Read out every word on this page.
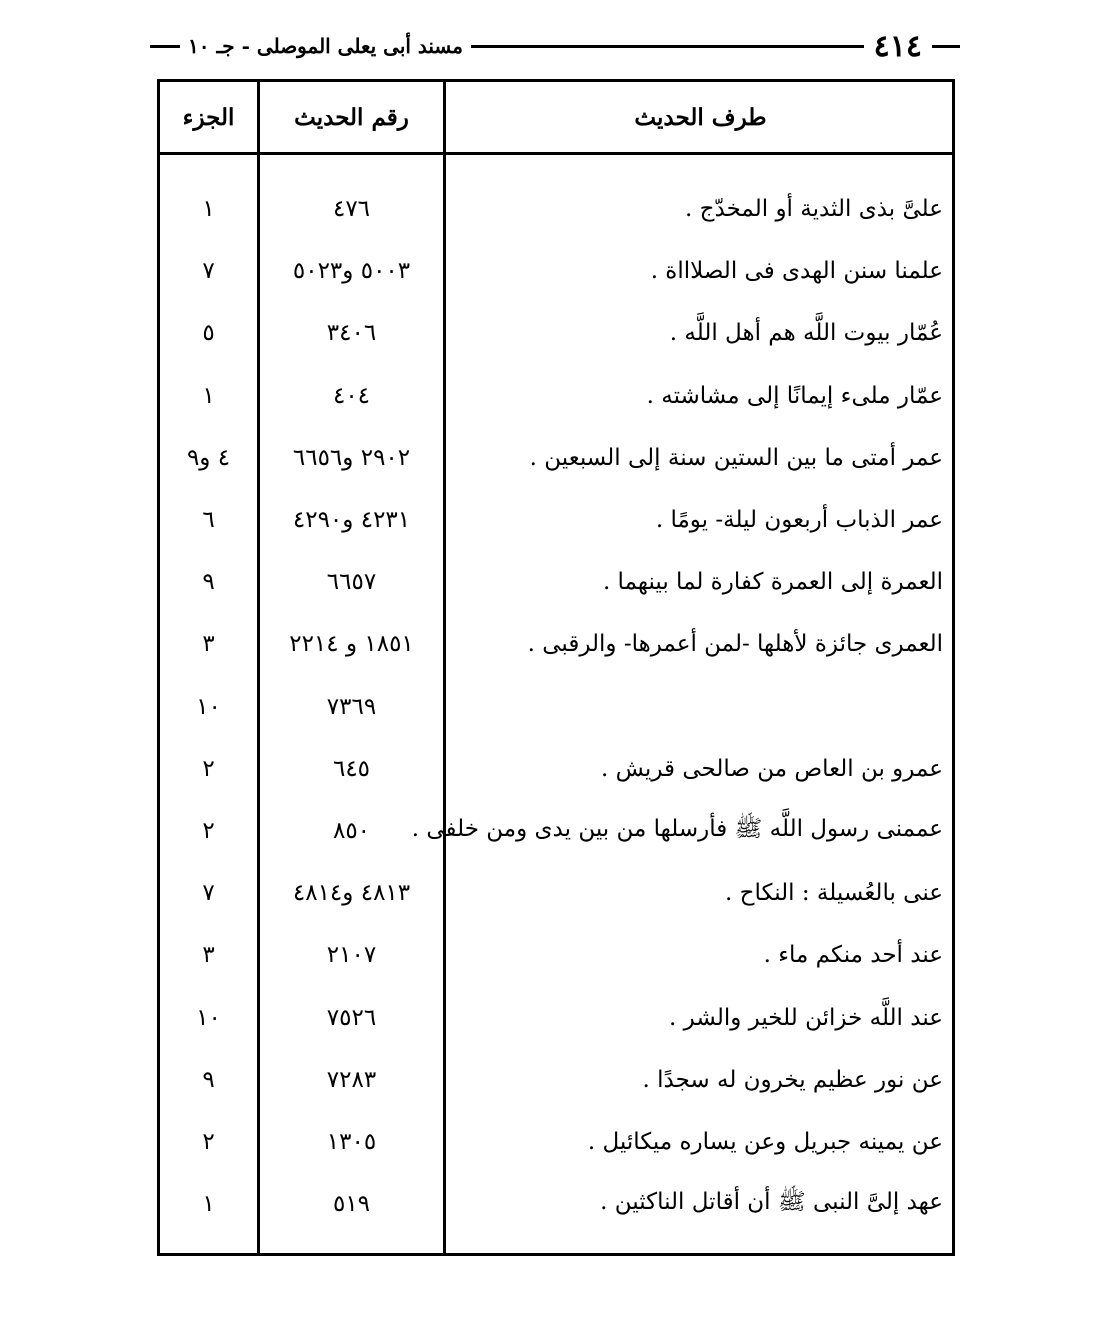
مسند أبى يعلى الموصلى - جـ ١٠	٤١٤
الجزء	رقم الحديث	طرف الحديث
١	٤٧٦	علىَّ بذى الثدية أو المخدّج .
٧	٥٠٠٣ و٥٠٢٣	علمنا سنن الهدى فى الصلاااة .
٥	٣٤٠٦	عُمّار بيوت اللَّه هم أهل اللَّه .
١	٤٠٤	عمّار ملىء إيمانًا إلى مشاشته .
٤ و٩	٢٩٠٢ و٦٦٥٦	عمر أمتى ما بين الستين سنة إلى السبعين .
٦	٤٢٣١ و٤٢٩٠	عمر الذباب أربعون ليلة- يومًا .
٩	٦٦٥٧	العمرة إلى العمرة كفارة لما بينهما .
٣	١٨٥١ و ٢٢١٤	العمرى جائزة لأهلها -لمن أعمرها- والرقبى .
١٠	٧٣٦٩
٢	٦٤٥	عمرو بن العاص من صالحى قريش .
٢	٨٥٠	عممنى رسول اللَّه ﷺ فأرسلها من بين يدى ومن خلفى .
٧	٤٨١٣ و٤٨١٤	عنى بالعُسيلة : النكاح .
٣	٢١٠٧	عند أحد منكم ماء .
١٠	٧٥٢٦	عند اللَّه خزائن للخير والشر .
٩	٧٢٨٣	عن نور عظيم يخرون له سجدًا .
٢	١٣٠٥	عن يمينه جبريل وعن يساره ميكائيل .
١	٥١٩	عهد إلىَّ النبى ﷺ أن أقاتل الناكثين .
